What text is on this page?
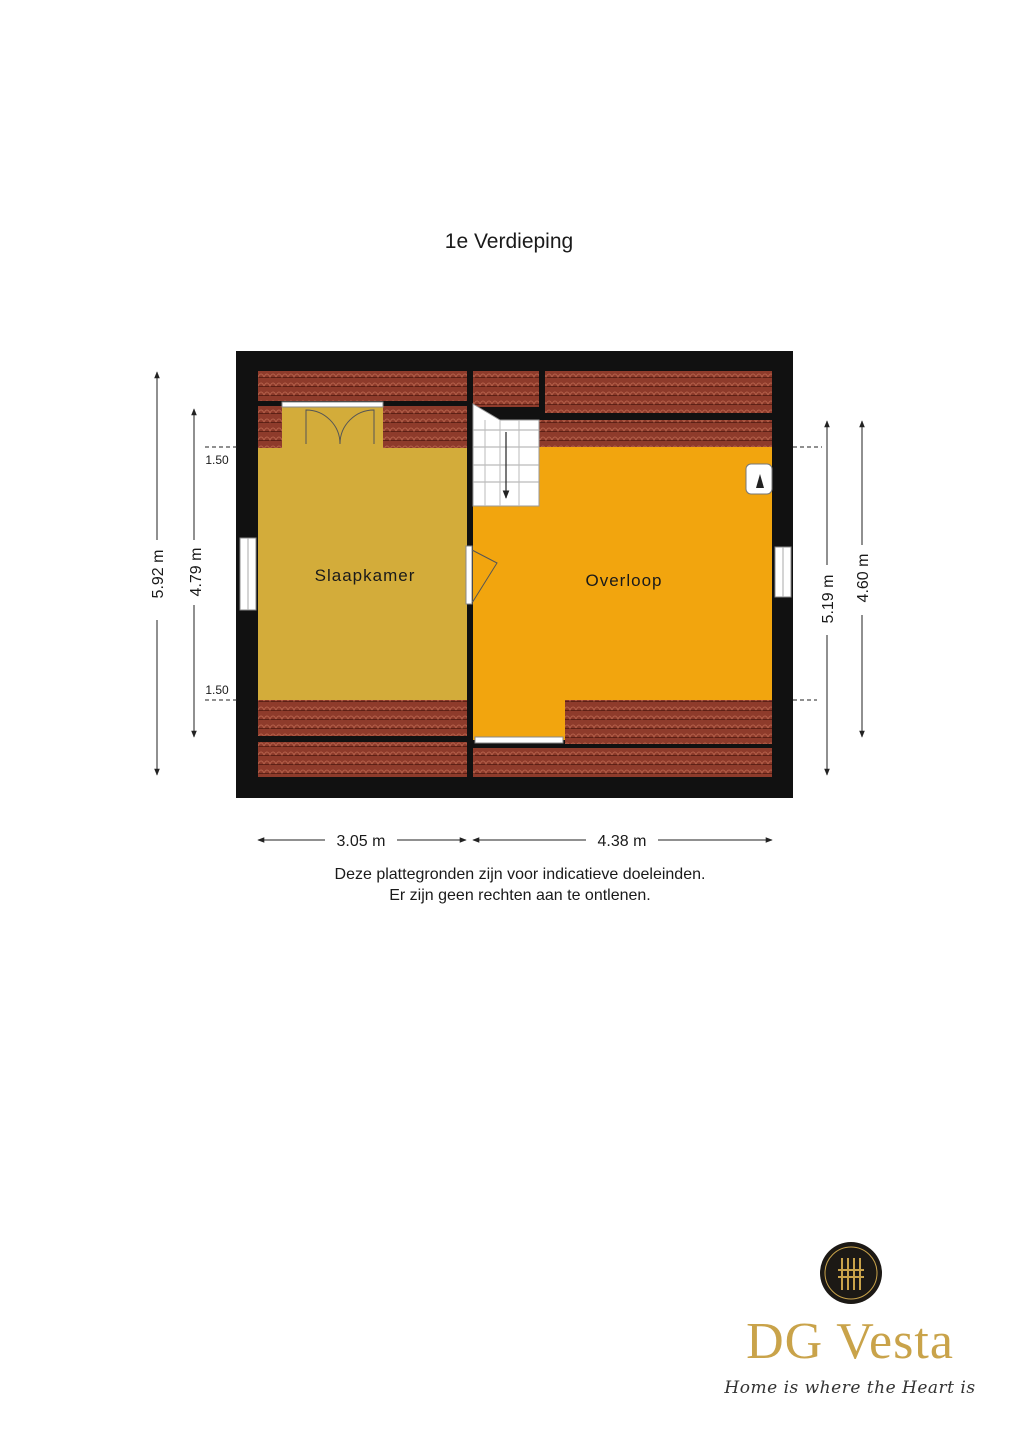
Slaapkamer	Overloop
5.92 m 4.79 m
5.19 m 4.60 m
3.05 m	4.38 m
1.50
1.50
1e Verdieping
Deze plattegronden zijn voor indicatieve doeleinden.
Er zijn geen rechten aan te ontlenen.
DG Vesta
Home is where the Heart is
